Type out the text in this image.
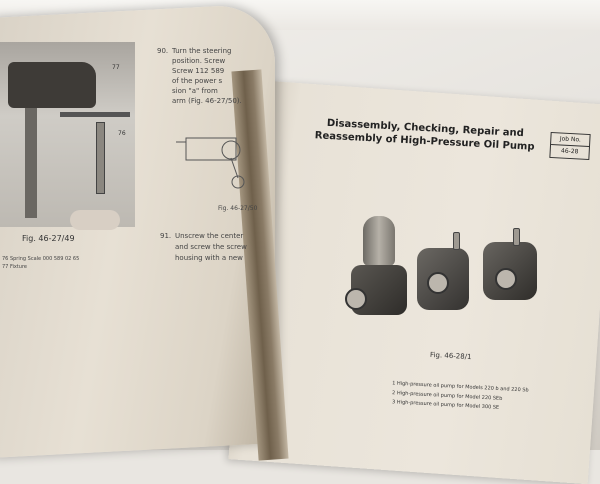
77
76
Fig. 46-27/49
76 Spring Scale 000 589 02 65
77 Fixture
90. Turn the steering
position. Screw
Screw 112 589
of the power s
sion "a" from
arm (Fig. 46-27/50).
Fig. 46-27/50
91. Unscrew the center
and screw the screw
housing with a new
Disassembly, Checking, Repair and Reassembly of High-Pressure Oil Pump	Job No.
46-28
Fig. 46-28/1
1 High-pressure oil pump for Models 220 b and 220 Sb
2 High-pressure oil pump for Model 220 SEb
3 High-pressure oil pump for Model 300 SE
